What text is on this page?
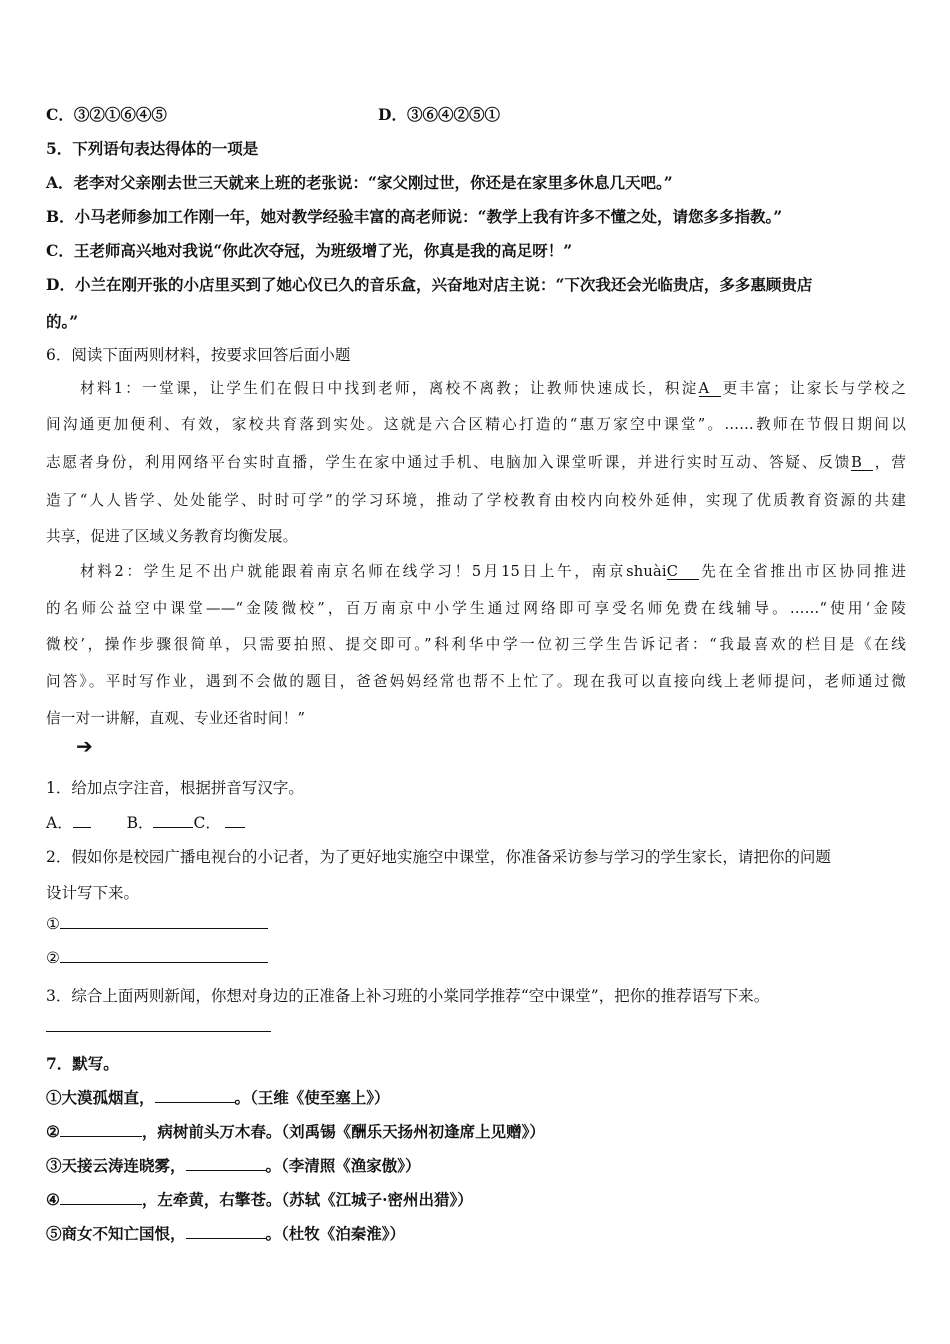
C．③②①⑥④⑤	D．③⑥④②⑤①
5．下列语句表达得体的一项是
A．老李对父亲刚去世三天就来上班的老张说：“家父刚过世，你还是在家里多休息几天吧。”
B．小马老师参加工作刚一年，她对教学经验丰富的高老师说：“教学上我有许多不懂之处，请您多多指教。”
C．王老师高兴地对我说“你此次夺冠，为班级增了光，你真是我的高足呀！”
D．小兰在刚开张的小店里买到了她心仪已久的音乐盒，兴奋地对店主说：“下次我还会光临贵店，多多惠顾贵店
的。”
6．阅读下面两则材料，按要求回答后面小题
材料1：一堂课，让学生们在假日中找到老师，离校不离教；让教师快速成长，积淀A 更丰富；让家长与学校之
间沟通更加便利、有效，家校共育落到实处。这就是六合区精心打造的“惠万家空中课堂”。……教师在节假日期间以
志愿者身份，利用网络平台实时直播，学生在家中通过手机、电脑加入课堂听课，并进行实时互动、答疑、反馈B ，营
造了“人人皆学、处处能学、时时可学”的学习环境，推动了学校教育由校内向校外延伸，实现了优质教育资源的共建
共享，促进了区域义务教育均衡发展。
材料2：学生足不出户就能跟着南京名师在线学习！5月15日上午，南京shuàiC 先在全省推出市区协同推进
的名师公益空中课堂——“金陵微校”，百万南京中小学生通过网络即可享受名师免费在线辅导。……“使用‘金陵
微校’，操作步骤很简单，只需要拍照、提交即可。”科利华中学一位初三学生告诉记者：“我最喜欢的栏目是《在线
问答》。平时写作业，遇到不会做的题目，爸爸妈妈经常也帮不上忙了。现在我可以直接向线上老师提问，老师通过微
信一对一讲解，直观、专业还省时间！”
➔
1．给加点字注音，根据拼音写汉字。
A．	B．	C．
2．假如你是校园广播电视台的小记者，为了更好地实施空中课堂，你准备采访参与学习的学生家长，请把你的问题
设计写下来。
①
②
3．综合上面两则新闻，你想对身边的正准备上补习班的小棠同学推荐“空中课堂”，把你的推荐语写下来。
7．默写。
①大漠孤烟直，	。（王维《使至塞上》）
②	，病树前头万木春。（刘禹锡《酬乐天扬州初逢席上见赠》）
③天接云涛连晓雾，	。（李清照《渔家傲》）
④	，左牵黄，右擎苍。（苏轼《江城子·密州出猎》）
⑤商女不知亡国恨，	。（杜牧《泊秦淮》）
